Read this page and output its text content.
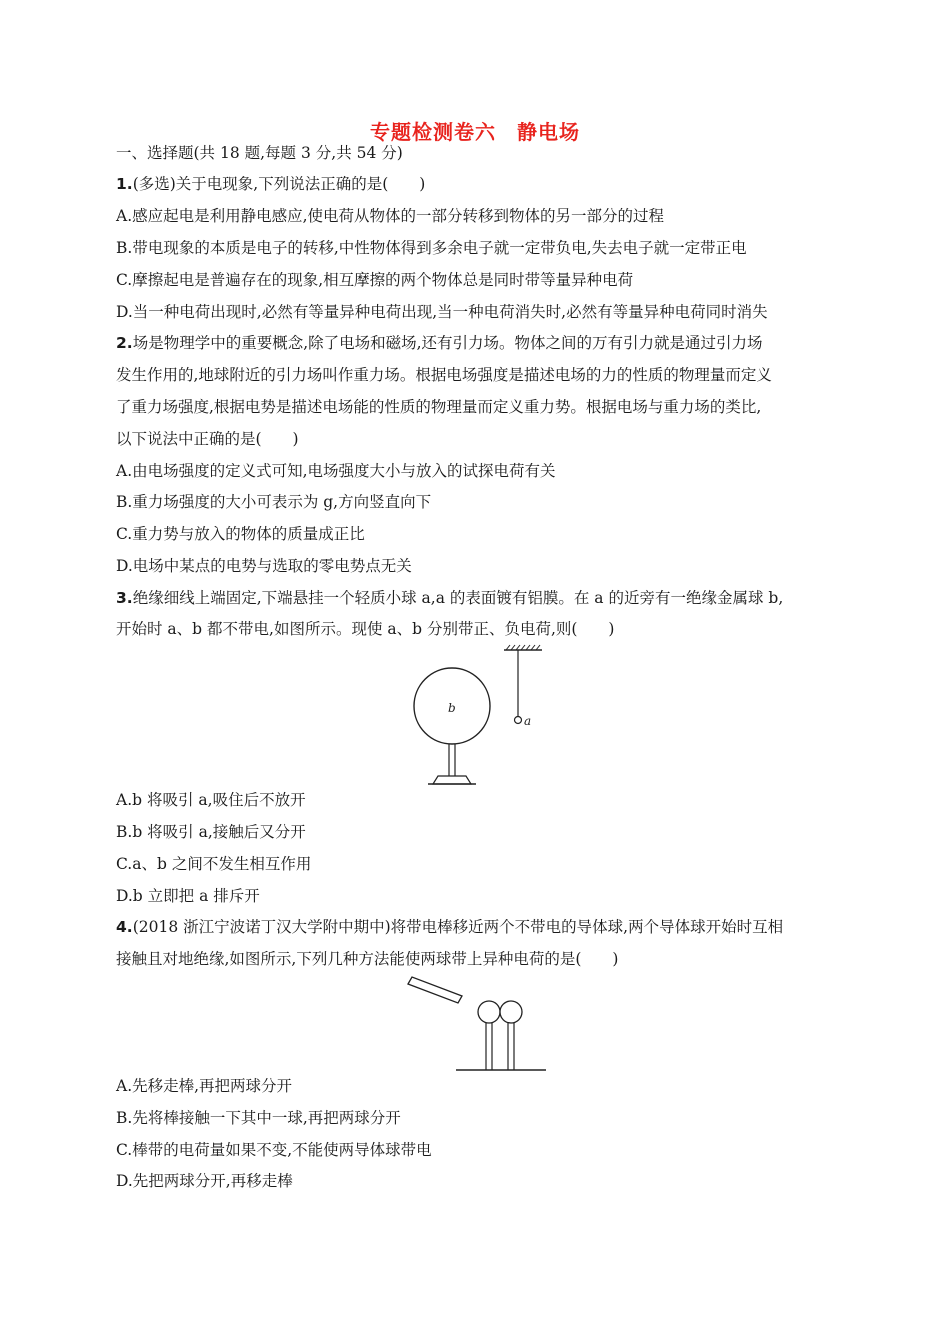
专题检测卷六　静电场
一、选择题(共 18 题,每题 3 分,共 54 分)
1.(多选)关于电现象,下列说法正确的是(　　)
A.感应起电是利用静电感应,使电荷从物体的一部分转移到物体的另一部分的过程
B.带电现象的本质是电子的转移,中性物体得到多余电子就一定带负电,失去电子就一定带正电
C.摩擦起电是普遍存在的现象,相互摩擦的两个物体总是同时带等量异种电荷
D.当一种电荷出现时,必然有等量异种电荷出现,当一种电荷消失时,必然有等量异种电荷同时消失
2.场是物理学中的重要概念,除了电场和磁场,还有引力场。物体之间的万有引力就是通过引力场
发生作用的,地球附近的引力场叫作重力场。根据电场强度是描述电场的力的性质的物理量而定义
了重力场强度,根据电势是描述电场能的性质的物理量而定义重力势。根据电场与重力场的类比,
以下说法中正确的是(　　)
A.由电场强度的定义式可知,电场强度大小与放入的试探电荷有关
B.重力场强度的大小可表示为 g,方向竖直向下
C.重力势与放入的物体的质量成正比
D.电场中某点的电势与选取的零电势点无关
3.绝缘细线上端固定,下端悬挂一个轻质小球 a,a 的表面镀有铝膜。在 a 的近旁有一绝缘金属球 b,
开始时 a、b 都不带电,如图所示。现使 a、b 分别带正、负电荷,则(　　)
a
b
A.b 将吸引 a,吸住后不放开
B.b 将吸引 a,接触后又分开
C.a、b 之间不发生相互作用
D.b 立即把 a 排斥开
4.(2018 浙江宁波诺丁汉大学附中期中)将带电棒移近两个不带电的导体球,两个导体球开始时互相
接触且对地绝缘,如图所示,下列几种方法能使两球带上异种电荷的是(　　)
A.先移走棒,再把两球分开
B.先将棒接触一下其中一球,再把两球分开
C.棒带的电荷量如果不变,不能使两导体球带电
D.先把两球分开,再移走棒
